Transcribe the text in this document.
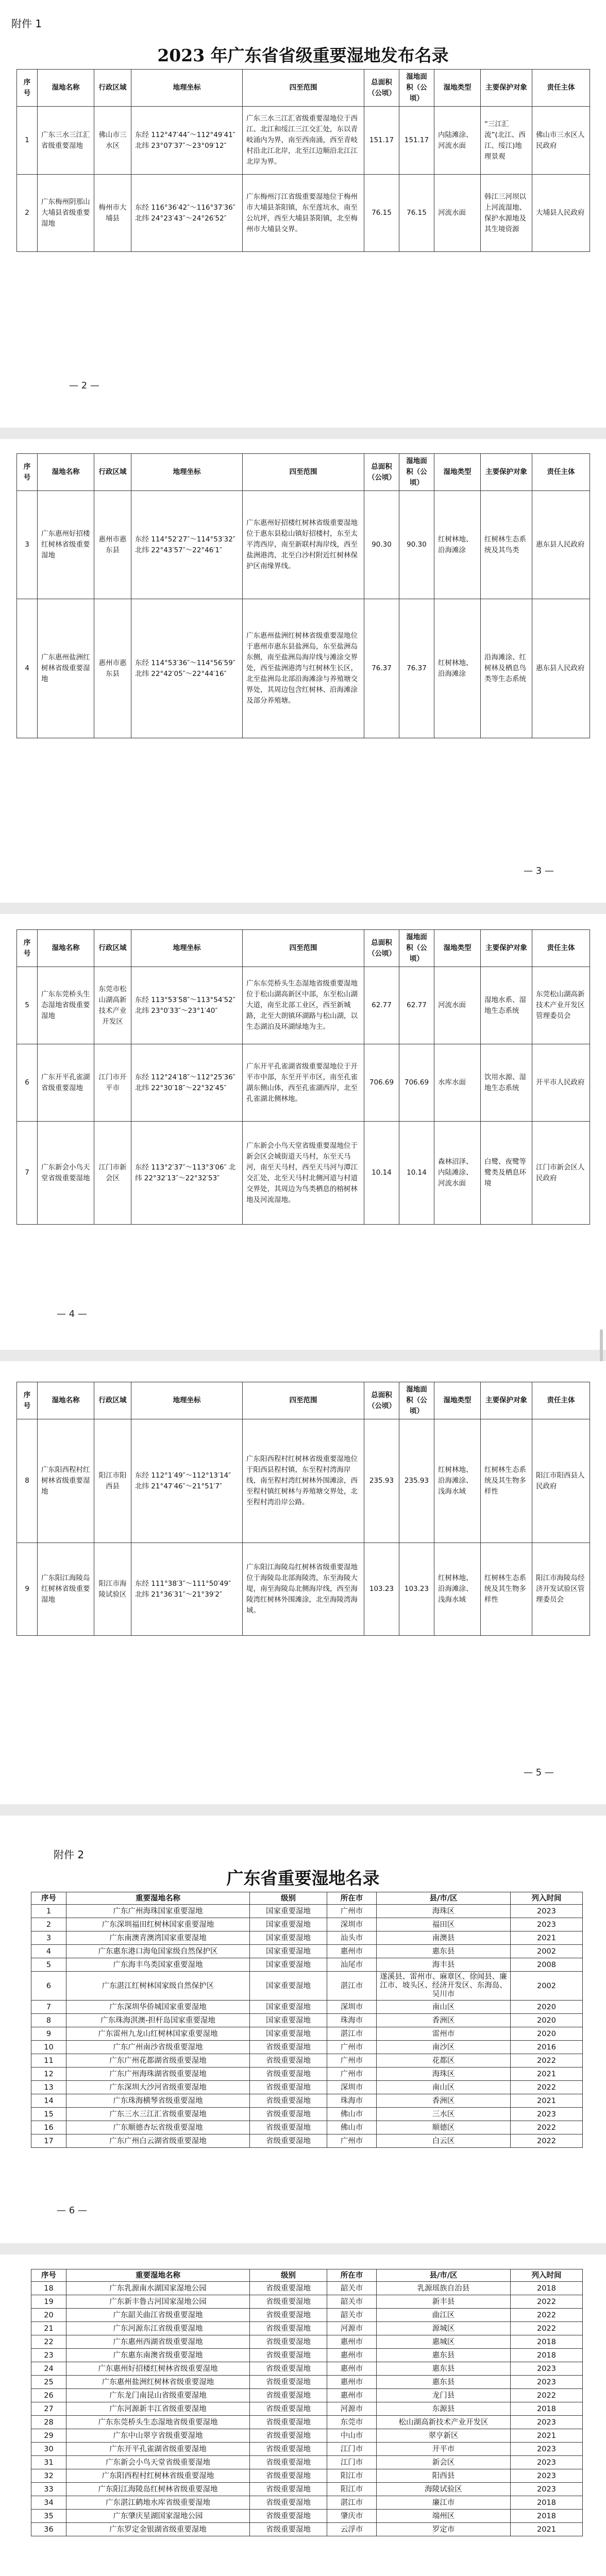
附件 1
2023 年广东省省级重要湿地发布名录
序号	湿地名称	行政区域	地理坐标	四至范围	总面积（公顷）	湿地面积（公顷）	湿地类型	主要保护对象	责任主体
1	广东三水三江汇省级重要湿地	佛山市三水区	东经 112°47′44″～112°49′41″ 北纬 23°07′37″～23°09′12″	广东三水三江汇省级重要湿地位于西江、北江和绥江三江交汇处，东以青岐涌内为界，南至西南涌，西至青岐村沿北江北岸，北至江边顺沿北江江北岸为界。	151.17	151.17	内陆滩涂、河流水面	“三江汇流”(北江、西江、绥江)地理景观	佛山市三水区人民政府
2	广东梅州阴那山大埔县省级重要湿地	梅州市大埔县	东经 116°36′42″～116°37′36″ 北纬 24°23′43″～24°26′52″	广东梅州汀江省级重要湿地位于梅州市大埔县茶阳镇，东至莲坑水，南至公坑坪，西至大埔县茶阳镇，北至梅州市大埔县交界。	76.15	76.15	河流水面	韩江三河坝以上河流湿地、保护水源地及其生境资源	大埔县人民政府
— 2 —
序号	湿地名称	行政区域	地理坐标	四至范围	总面积（公顷）	湿地面积（公顷）	湿地类型	主要保护对象	责任主体
3	广东惠州好招楼红树林省级重要湿地	惠州市惠东县	东经 114°52′27″～114°53′32″ 北纬 22°43′57″～22°46′1″	广东惠州好招楼红树林省级重要湿地位于惠东县稔山镇好招楼村，东至太平湾西岸，南至新联村海岸线，西至盐洲港湾，北至白沙村附近红树林保护区南缘界线。	90.30	90.30	红树林地、沿海滩涂	红树林生态系统及其鸟类	惠东县人民政府
4	广东惠州盐洲红树林省级重要湿地	惠州市惠东县	东经 114°53′36″～114°56′59″ 北纬 22°42′05″～22°44′16″	广东惠州盐洲红树林省级重要湿地位于惠州市惠东县盐洲岛，东至盐洲岛东侧，南至盐洲岛海岸线与滩涂交界处，西至盐洲港湾与红树林生长区，北至盐洲岛北部沿海滩涂与养殖塘交界处，其周边包含红树林、沿海滩涂及部分养殖塘。	76.37	76.37	红树林地、沿海滩涂	沿海滩涂、红树林及栖息鸟类等生态系统	惠东县人民政府
— 3 —
序号	湿地名称	行政区域	地理坐标	四至范围	总面积（公顷）	湿地面积（公顷）	湿地类型	主要保护对象	责任主体
5	广东东莞桥头生态湿地省级重要湿地	东莞市松山湖高新技术产业开发区	东经 113°53′58″～113°54′52″ 北纬 23°0′33″～23°1′40″	广东东莞桥头生态湿地省级重要湿地位于松山湖高新区中部，东至松山湖大道，南至北部工业区，西至新城路，北至大朗镇环湖路与松山湖，以生态湖泊及环湖绿地为主。	62.77	62.77	河流水面	湿地水系、湿地生态系统	东莞松山湖高新技术产业开发区管理委员会
6	广东开平孔雀湖省级重要湿地	江门市开平市	东经 112°24′18″～112°25′36″ 北纬 22°30′18″～22°32′45″	广东开平孔雀湖省级重要湿地位于开平市中部，东至开平市区，南至孔雀湖东侧山体，西至孔雀湖西岸，北至孔雀湖北侧林地。	706.69	706.69	水库水面	饮用水源、湿地生态系统	开平市人民政府
7	广东新会小鸟天堂省级重要湿地	江门市新会区	东经 113°2′37″～113°3′06″ 北纬 22°32′13″～22°32′53″	广东新会小鸟天堂省级重要湿地位于新会区会城街道天马村，东至天马河，南至天马村，西至天马河与潭江交汇处，北至天马村北侧河道与村道交界处，其周边为鸟类栖息的榕树林地及河流湿地。	10.14	10.14	森林沼泽、内陆滩涂、河流水面	白鹭、夜鹭等鹭类及栖息环境	江门市新会区人民政府
— 4 —
序号	湿地名称	行政区域	地理坐标	四至范围	总面积（公顷）	湿地面积（公顷）	湿地类型	主要保护对象	责任主体
8	广东阳西程村红树林省级重要湿地	阳江市阳西县	东经 112°1′49″～112°13′14″ 北纬 21°47′46″～21°51′7″	广东阳西程村红树林省级重要湿地位于阳西县程村镇，东至程村湾海岸线，南至程村湾红树林外围滩涂，西至程村镇红树林与养殖塘交界处，北至程村湾沿岸公路。	235.93	235.93	红树林地、沿海滩涂、浅海水域	红树林生态系统及其生物多样性	阳江市阳西县人民政府
9	广东阳江海陵岛红树林省级重要湿地	阳江市海陵试验区	东经 111°38′3″～111°50′49″ 北纬 21°36′31″～21°39′2″	广东阳江海陵岛红树林省级重要湿地位于海陵岛北部海陵湾，东至海陵大堤，南至海陵岛北侧海岸线，西至海陵湾红树林外围滩涂，北至海陵湾海域。	103.23	103.23	红树林地、沿海滩涂、浅海水域	红树林生态系统及其生物多样性	阳江市海陵岛经济开发试验区管理委员会
— 5 —
附件 2
广东省重要湿地名录
序号	重要湿地名称	级别	所在市	县/市/区	列入时间
1	广东广州海珠国家重要湿地	国家重要湿地	广州市	海珠区	2023
2	广东深圳福田红树林国家重要湿地	国家重要湿地	深圳市	福田区	2023
3	广东南澳青澳湾国家重要湿地	国家重要湿地	汕头市	南澳县	2021
4	广东惠东港口海龟国家级自然保护区	国家重要湿地	惠州市	惠东县	2002
5	广东海丰鸟类国家重要湿地	国家重要湿地	汕尾市	海丰县	2008
6	广东湛江红树林国家级自然保护区	国家重要湿地	湛江市	遂溪县、雷州市、麻章区、徐闻县、廉江市、坡头区、经济开发区、东海岛、吴川市	2002
7	广东深圳华侨城国家重要湿地	国家重要湿地	深圳市	南山区	2020
8	广东珠海淇澳-担杆岛国家重要湿地	国家重要湿地	珠海市	香洲区	2020
9	广东雷州九龙山红树林国家重要湿地	国家重要湿地	湛江市	雷州市	2020
10	广东广州南沙省级重要湿地	省级重要湿地	广州市	南沙区	2016
11	广东广州花都湖省级重要湿地	省级重要湿地	广州市	花都区	2022
12	广东广州海珠湖省级重要湿地	省级重要湿地	广州市	海珠区	2021
13	广东深圳大沙河省级重要湿地	省级重要湿地	深圳市	南山区	2022
14	广东珠海横琴省级重要湿地	省级重要湿地	珠海市	香洲区	2021
15	广东三水三江汇省级重要湿地	省级重要湿地	佛山市	三水区	2023
16	广东顺德杏坛省级重要湿地	省级重要湿地	佛山市	顺德区	2022
17	广东广州白云湖省级重要湿地	省级重要湿地	广州市	白云区	2022
— 6 —
序号	重要湿地名称	级别	所在市	县/市/区	列入时间
18	广东乳源南水湖国家湿地公园	省级重要湿地	韶关市	乳源瑶族自治县	2018
19	广东新丰鲁古河国家湿地公园	省级重要湿地	韶关市	新丰县	2022
20	广东韶关曲江省级重要湿地	省级重要湿地	韶关市	曲江区	2022
21	广东河源东江省级重要湿地	省级重要湿地	河源市	源城区	2022
22	广东惠州西湖省级重要湿地	省级重要湿地	惠州市	惠城区	2018
23	广东惠东南澳省级重要湿地	省级重要湿地	惠州市	惠东县	2018
24	广东惠州好招楼红树林省级重要湿地	省级重要湿地	惠州市	惠东县	2023
25	广东惠州盐洲红树林省级重要湿地	省级重要湿地	惠州市	惠东县	2023
26	广东龙门南昆山省级重要湿地	省级重要湿地	惠州市	龙门县	2022
27	广东河源新丰江省级重要湿地	省级重要湿地	河源市	东源县	2018
28	广东东莞桥头生态湿地省级重要湿地	省级重要湿地	东莞市	松山湖高新技术产业开发区	2023
29	广东中山翠亨省级重要湿地	省级重要湿地	中山市	翠亨新区	2021
30	广东开平孔雀湖省级重要湿地	省级重要湿地	江门市	开平市	2023
31	广东新会小鸟天堂省级重要湿地	省级重要湿地	江门市	新会区	2023
32	广东阳西程村红树林省级重要湿地	省级重要湿地	阳江市	阳西县	2023
33	广东阳江海陵岛红树林省级重要湿地	省级重要湿地	阳江市	海陵试验区	2023
34	广东湛江鹤地水库省级重要湿地	省级重要湿地	湛江市	廉江市	2018
35	广东肇庆星湖国家湿地公园	省级重要湿地	肇庆市	端州区	2018
36	广东罗定金银湖省级重要湿地	省级重要湿地	云浮市	罗定市	2021
